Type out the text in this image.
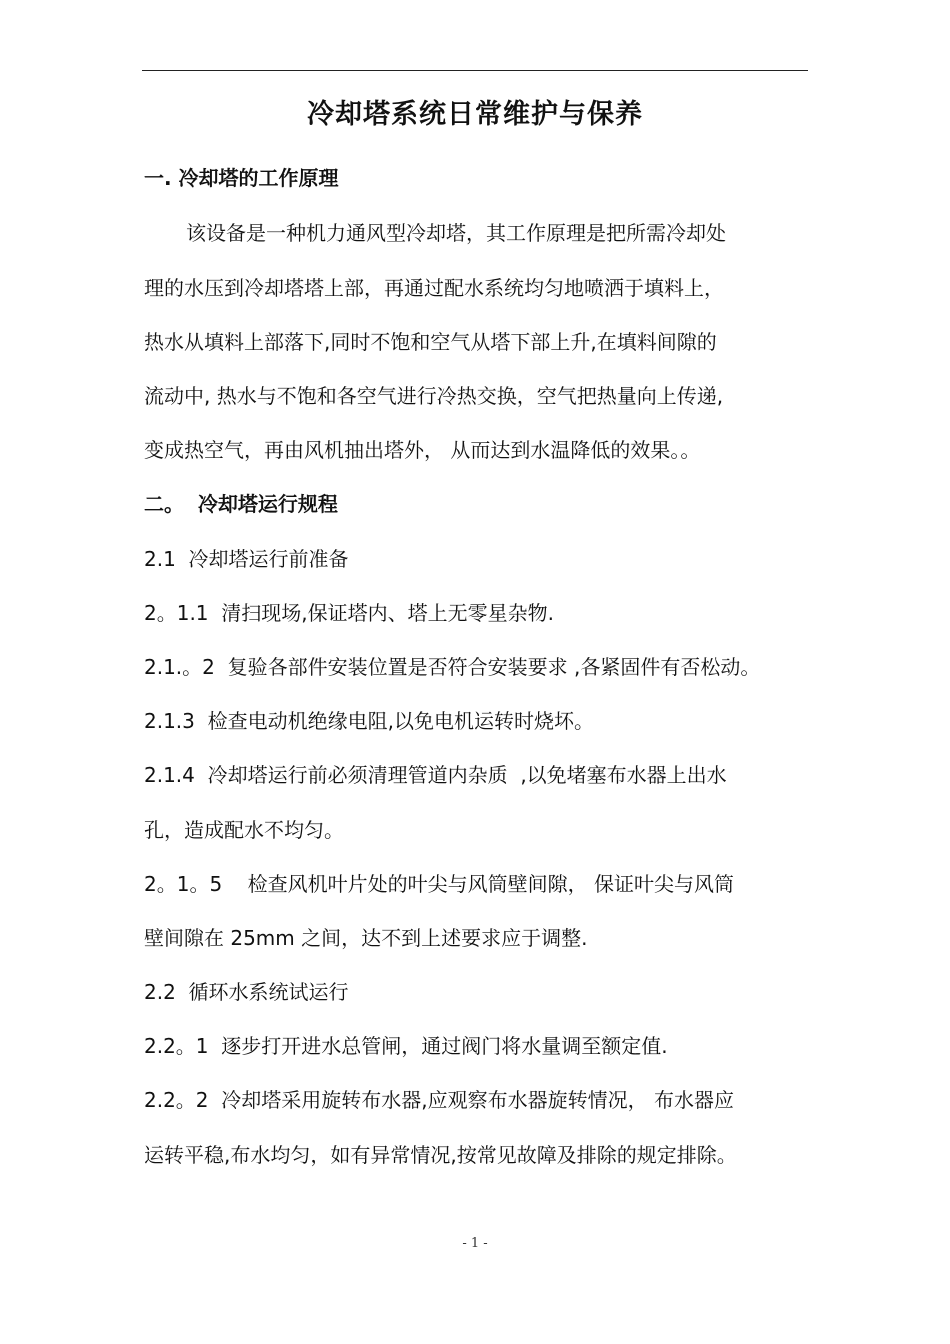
冷却塔系统日常维护与保养
一. 冷却塔的工作原理
该设备是一种机力通风型冷却塔，其工作原理是把所需冷却处
理的水压到冷却塔塔上部，再通过配水系统均匀地喷洒于填料上，
热水从填料上部落下,同时不饱和空气从塔下部上升,在填料间隙的
流动中, 热水与不饱和各空气进行冷热交换，空气把热量向上传递,
变成热空气，再由风机抽出塔外， 从而达到水温降低的效果。。
二。  冷却塔运行规程
2.1  冷却塔运行前准备
2。1.1  清扫现场,保证塔内、塔上无零星杂物.
2.1.。2  复验各部件安装位置是否符合安装要求 ,各紧固件有否松动。
2.1.3  检查电动机绝缘电阻,以免电机运转时烧坏。
2.1.4  冷却塔运行前必须清理管道内杂质  ,以免堵塞布水器上出水
孔，造成配水不均匀。
2。1。5    检查风机叶片处的叶尖与风筒壁间隙， 保证叶尖与风筒
壁间隙在 25mm 之间，达不到上述要求应于调整.
2.2  循环水系统试运行
2.2。1  逐步打开进水总管闸，通过阀门将水量调至额定值.
2.2。2  冷却塔采用旋转布水器,应观察布水器旋转情况， 布水器应
运转平稳,布水均匀，如有异常情况,按常见故障及排除的规定排除。
- 1 -
